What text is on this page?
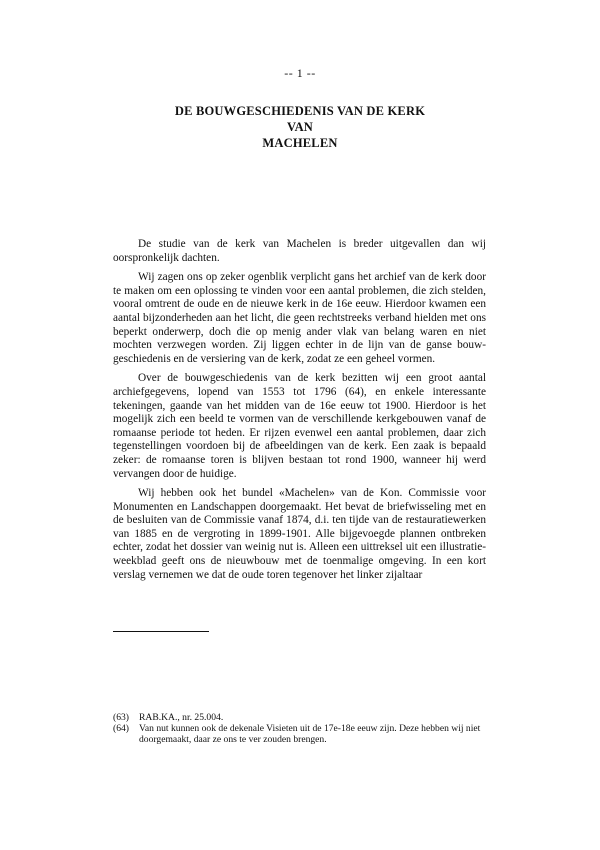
-- 1 --
DE BOUWGESCHIEDENIS VAN DE KERK
VAN
MACHELEN

De studie van de kerk van Machelen is breder uitgevallen dan wij oorspronkelijk dachten.

Wij zagen ons op zeker ogenblik verplicht gans het archief van de kerk door te maken om een oplossing te vinden voor een aantal problemen, die zich stelden, vooral omtrent de oude en de nieuwe kerk in de 16e eeuw. Hierdoor kwamen een aantal bijzonderheden aan het licht, die geen rechtstreeks verband hielden met ons beperkt onderwerp, doch die op menig ander vlak van belang waren en niet mochten verzwegen worden. Zij liggen echter in de lijn van de ganse bouwgeschiedenis en de versiering van de kerk, zodat ze een geheel vormen.

Over de bouwgeschiedenis van de kerk bezitten wij een groot aantal archiefgegevens, lopend van 1553 tot 1796 (64), en enkele interessante tekeningen, gaande van het midden van de 16e eeuw tot 1900. Hierdoor is het mogelijk zich een beeld te vormen van de verschillende kerkgebouwen vanaf de romaanse periode tot heden. Er rijzen evenwel een aantal problemen, daar zich tegenstellingen voordoen bij de afbeeldingen van de kerk. Een zaak is bepaald zeker: de romaanse toren is blijven bestaan tot rond 1900, wanneer hij werd vervangen door de huidige.

Wij hebben ook het bundel «Machelen» van de Kon. Commissie voor Monumenten en Landschappen doorgemaakt. Het bevat de briefwisseling met en de besluiten van de Commissie vanaf 1874, d.i. ten tijde van de restauratiewerken van 1885 en de vergroting in 1899-1901. Alle bijgevoegde plannen ontbreken echter, zodat het dossier van weinig nut is. Alleen een uittreksel uit een illustratie-weekblad geeft ons de nieuwbouw met de toenmalige omgeving. In een kort verslag vernemen we dat de oude toren tegenover het linker zijaltaar

(63)	RAB.KA., nr. 25.004.
(64)	Van nut kunnen ook de dekenale Visieten uit de 17e-18e eeuw zijn. Deze hebben wij niet doorgemaakt, daar ze ons te ver zouden brengen.
